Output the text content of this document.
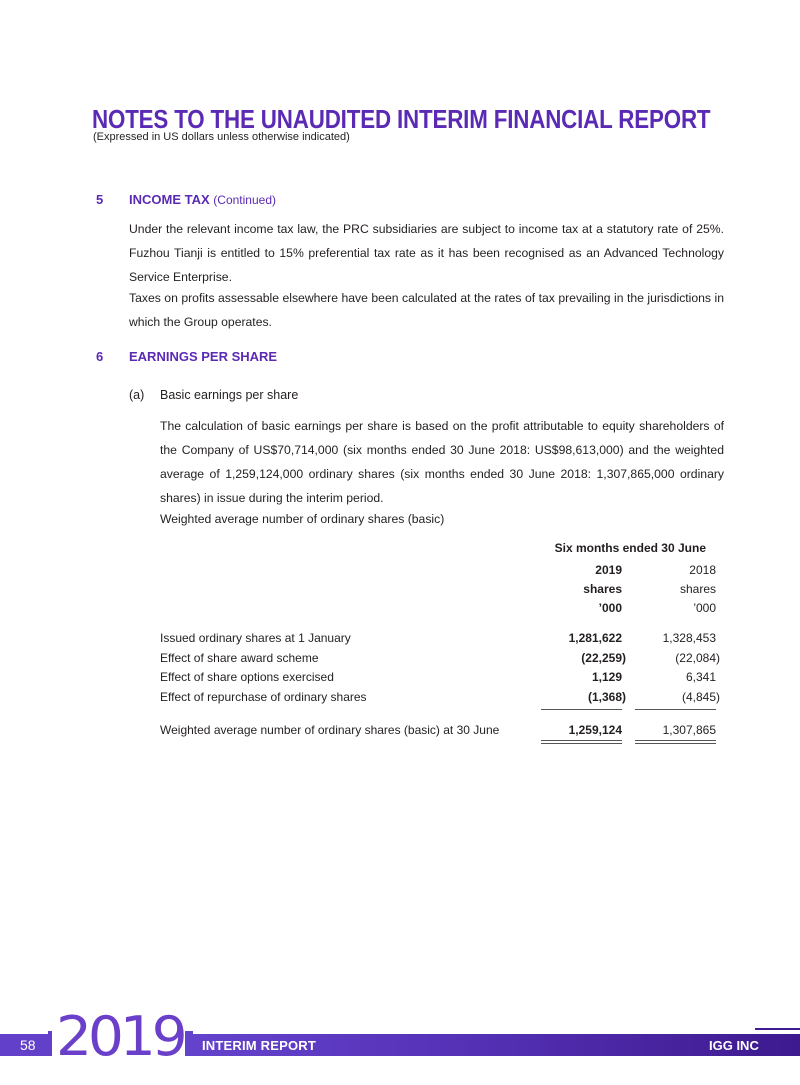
NOTES TO THE UNAUDITED INTERIM FINANCIAL REPORT
(Expressed in US dollars unless otherwise indicated)
5 INCOME TAX (Continued)
Under the relevant income tax law, the PRC subsidiaries are subject to income tax at a statutory rate of 25%. Fuzhou Tianji is entitled to 15% preferential tax rate as it has been recognised as an Advanced Technology Service Enterprise.
Taxes on profits assessable elsewhere have been calculated at the rates of tax prevailing in the jurisdictions in which the Group operates.
6 EARNINGS PER SHARE
(a) Basic earnings per share
The calculation of basic earnings per share is based on the profit attributable to equity shareholders of the Company of US$70,714,000 (six months ended 30 June 2018: US$98,613,000) and the weighted average of 1,259,124,000 ordinary shares (six months ended 30 June 2018: 1,307,865,000 ordinary shares) in issue during the interim period.
Weighted average number of ordinary shares (basic)
Six months ended 30 June
2019	2018
shares	shares
’000	’000
Issued ordinary shares at 1 January	1,281,622	1,328,453
Effect of share award scheme	(22,259)	(22,084)
Effect of share options exercised	1,129	6,341
Effect of repurchase of ordinary shares	(1,368)	(4,845)
Weighted average number of ordinary shares (basic) at 30 June	1,259,124	1,307,865
58 2019 INTERIM REPORT	IGG INC
